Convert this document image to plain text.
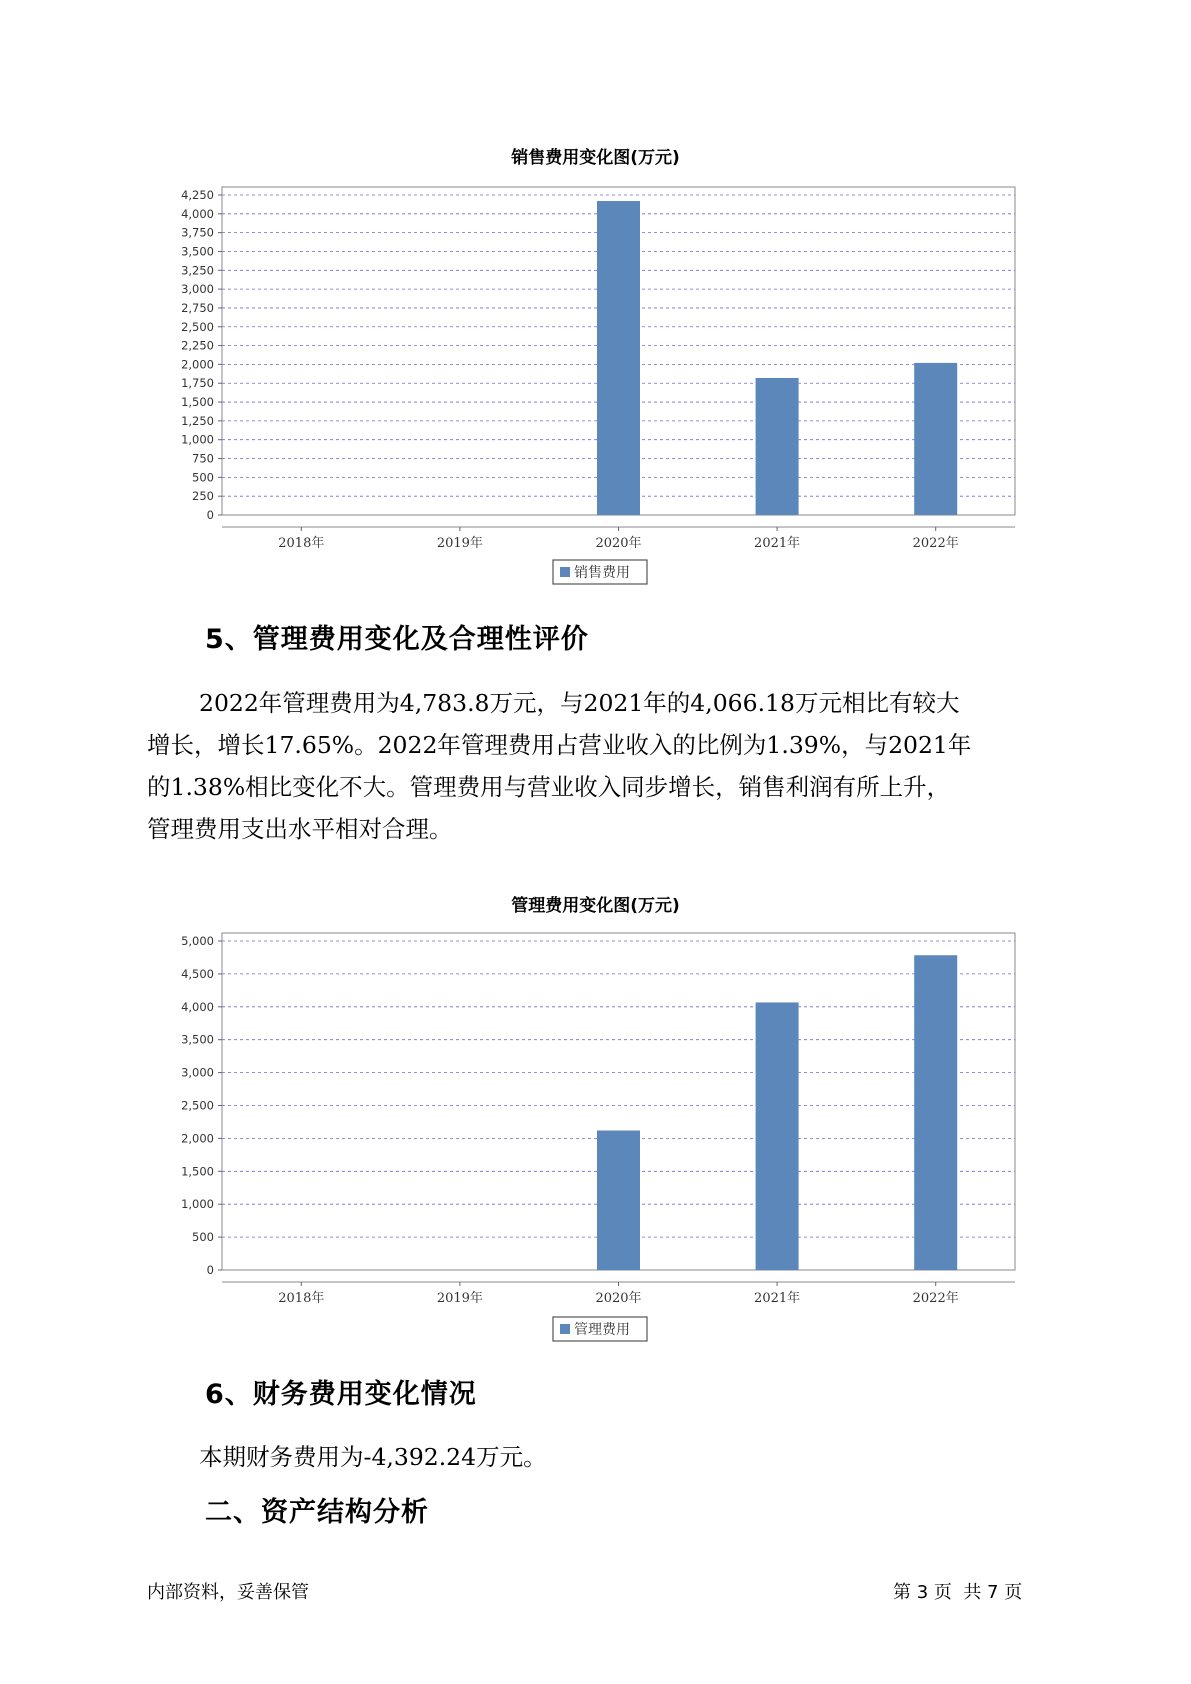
销售费用变化图(万元)
0
250
500
750
1,000
1,250
1,500
1,750
2,000
2,250
2,500
2,750
3,000
3,250
3,500
3,750
4,000
4,250
2018年	2019年	2020年	2021年	2022年
销售费用
5、管理费用变化及合理性评价

2022年管理费用为4,783.8万元，与2021年的4,066.18万元相比有较大

增长，增长17.65%。2022年管理费用占营业收入的比例为1.39%，与2021年

的1.38%相比变化不大。管理费用与营业收入同步增长，销售利润有所上升，

管理费用支出水平相对合理。

管理费用变化图(万元)
0
500
1,000
1,500
2,000
2,500
3,000
3,500
4,000
4,500
5,000
2018年	2019年	2020年	2021年	2022年
管理费用
6、财务费用变化情况

本期财务费用为-4,392.24万元。

二、资产结构分析
内部资料，妥善保管	第 3 页  共 7 页
